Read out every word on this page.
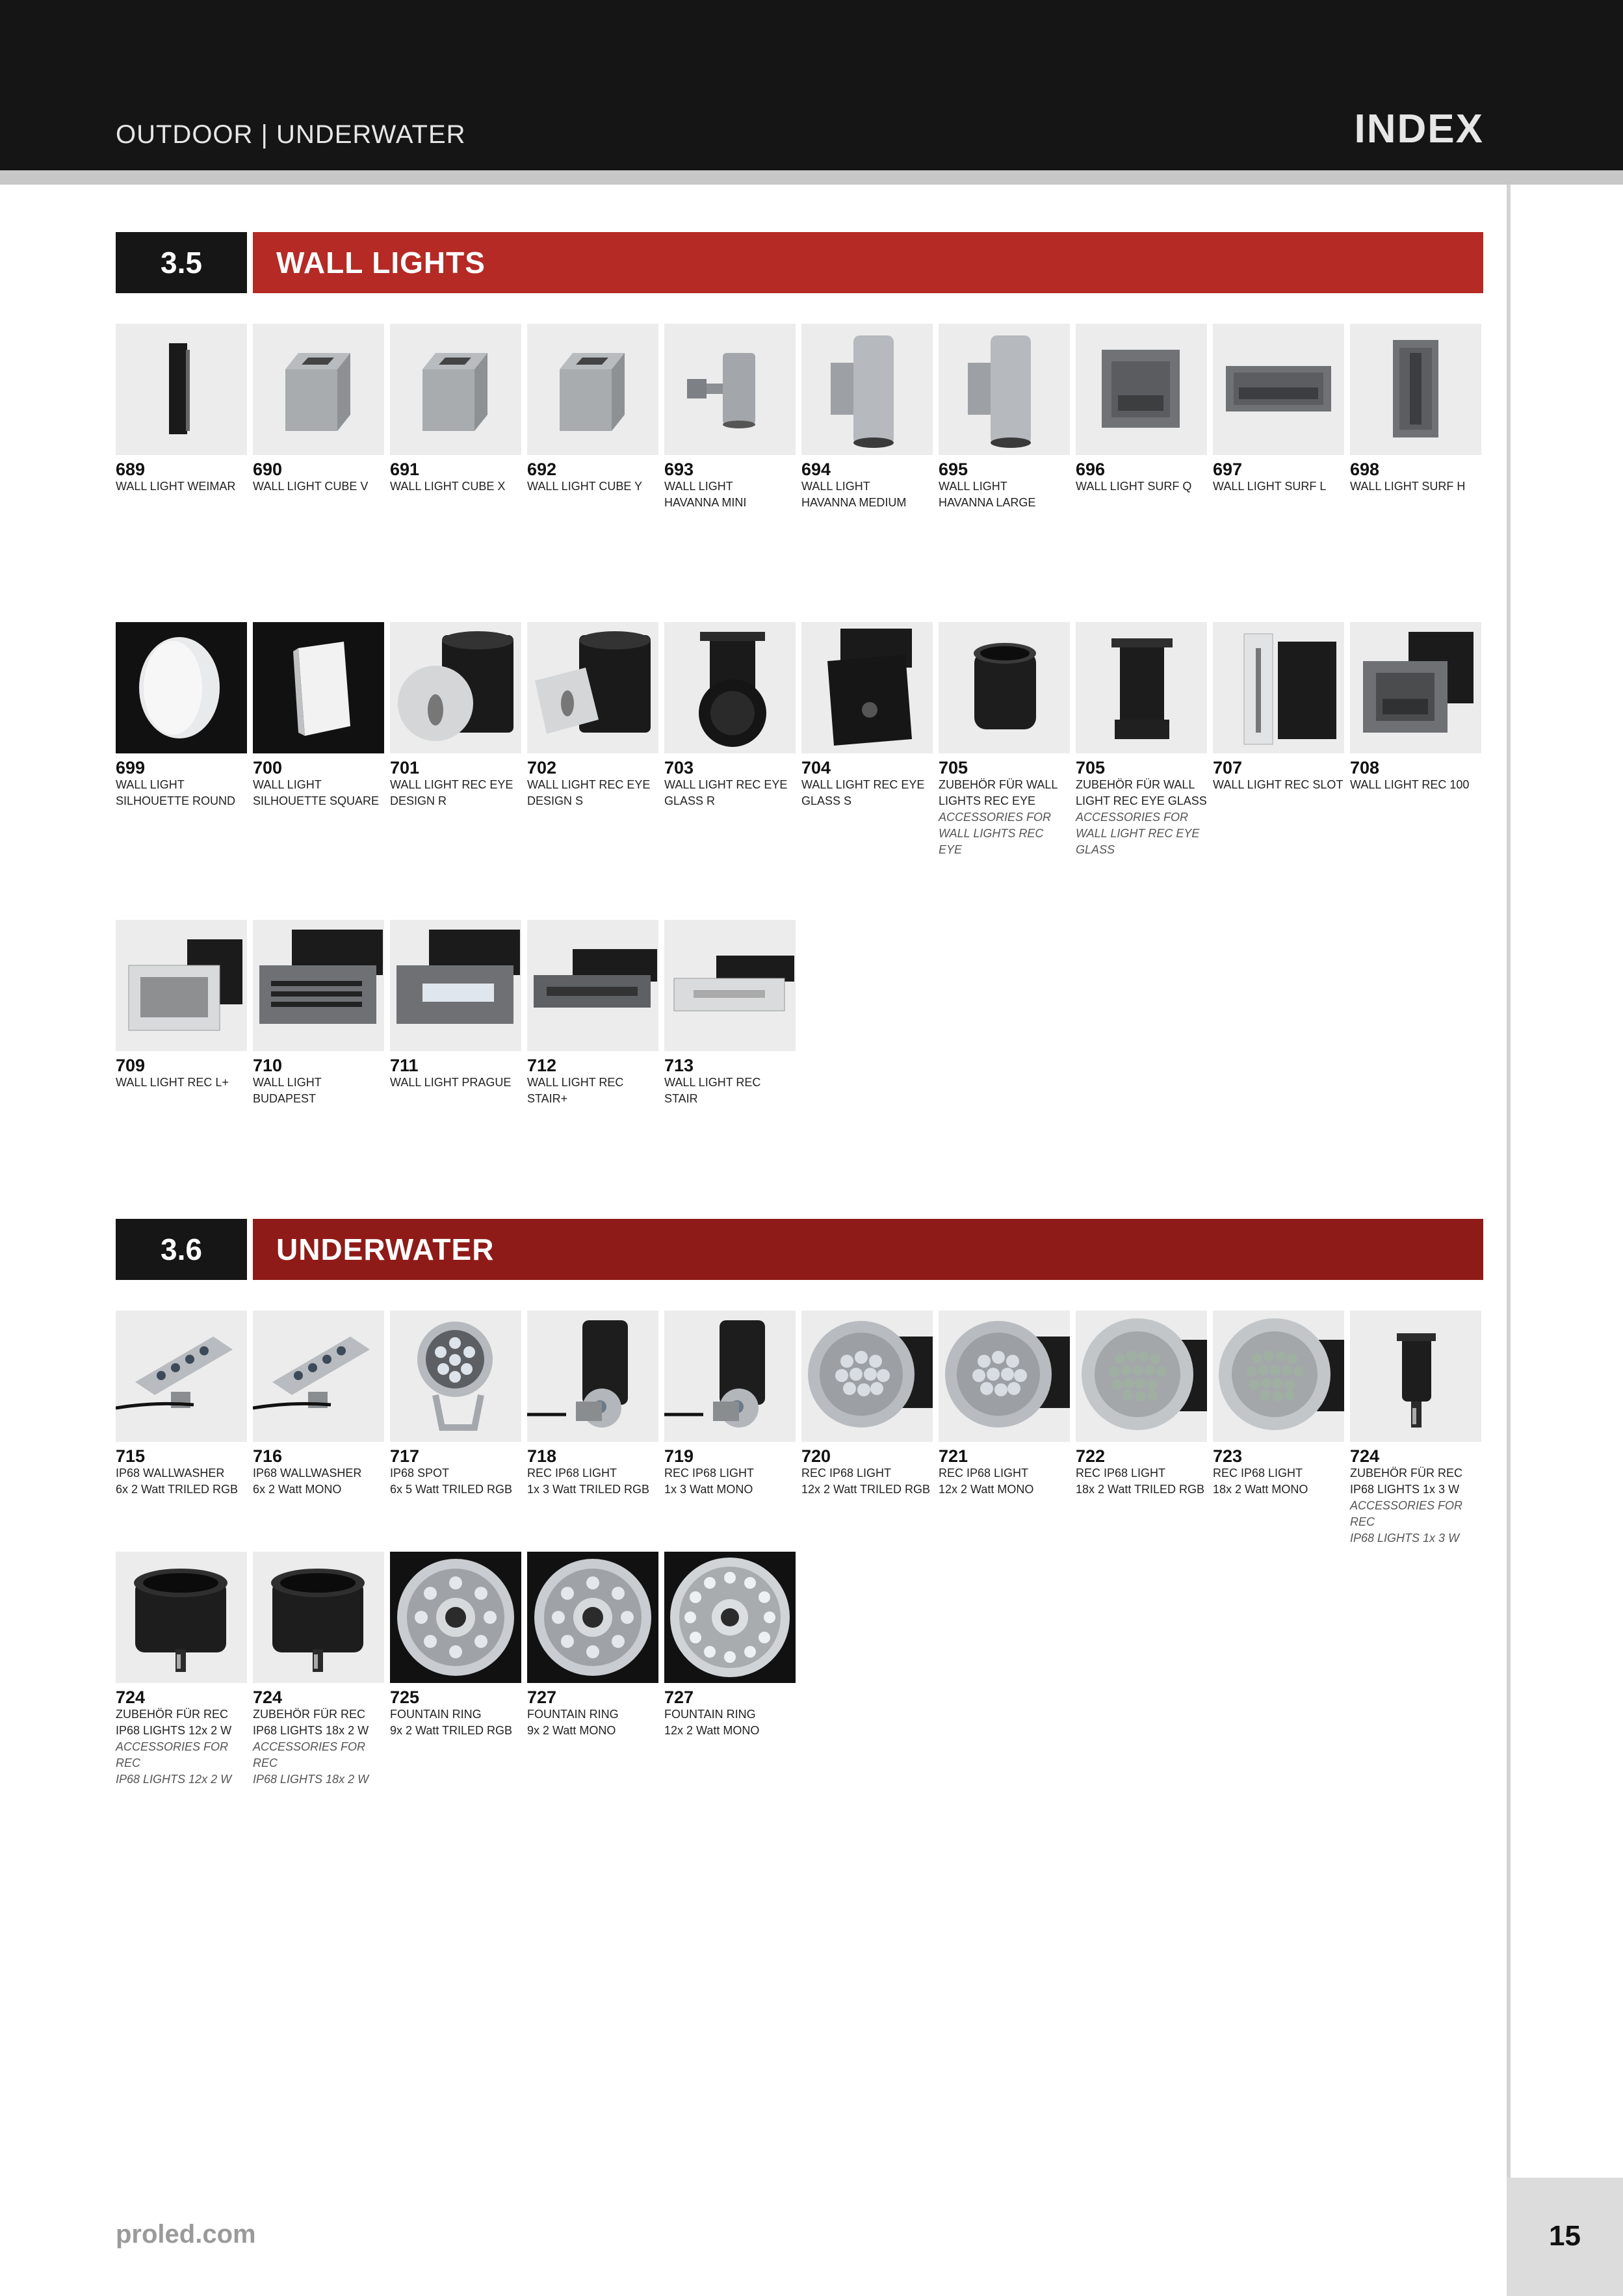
OUTDOOR | UNDERWATER	INDEX
3.5	WALL LIGHTS
3.6	UNDERWATER
689
WALL LIGHT WEIMAR
690
WALL LIGHT CUBE V
691
WALL LIGHT CUBE X
692
WALL LIGHT CUBE Y
693
WALL LIGHT
HAVANNA MINI
694
WALL LIGHT
HAVANNA MEDIUM
695
WALL LIGHT
HAVANNA LARGE
696
WALL LIGHT SURF Q
697
WALL LIGHT SURF L
698
WALL LIGHT SURF H
699
WALL LIGHT
SILHOUETTE ROUND
700
WALL LIGHT
SILHOUETTE SQUARE
701
WALL LIGHT REC EYE
DESIGN R
702
WALL LIGHT REC EYE
DESIGN S
703
WALL LIGHT REC EYE
GLASS R
704
WALL LIGHT REC EYE
GLASS S
705
ZUBEHÖR FÜR WALL
LIGHTS REC EYE
ACCESSORIES FOR
WALL LIGHTS REC EYE
705
ZUBEHÖR FÜR WALL
LIGHT REC EYE GLASS
ACCESSORIES FOR
WALL LIGHT REC EYE
GLASS
707
WALL LIGHT REC SLOT
708
WALL LIGHT REC 100
709
WALL LIGHT REC L+
710
WALL LIGHT BUDAPEST
711
WALL LIGHT PRAGUE
712
WALL LIGHT REC STAIR+
713
WALL LIGHT REC STAIR
715
IP68 WALLWASHER
6x 2 Watt TRILED RGB
716
IP68 WALLWASHER
6x 2 Watt MONO
717
IP68 SPOT
6x 5 Watt TRILED RGB
718
REC IP68 LIGHT
1x 3 Watt TRILED RGB
719
REC IP68 LIGHT
1x 3 Watt MONO
720
REC IP68 LIGHT
12x 2 Watt TRILED RGB
721
REC IP68 LIGHT
12x 2 Watt MONO
722
REC IP68 LIGHT
18x 2 Watt TRILED RGB
723
REC IP68 LIGHT
18x 2 Watt MONO
724
ZUBEHÖR FÜR REC
IP68 LIGHTS 1x 3 W
ACCESSORIES FOR REC
IP68 LIGHTS 1x 3 W
724
ZUBEHÖR FÜR REC
IP68 LIGHTS 12x 2 W
ACCESSORIES FOR REC
IP68 LIGHTS 12x 2 W
724
ZUBEHÖR FÜR REC
IP68 LIGHTS 18x 2 W
ACCESSORIES FOR REC
IP68 LIGHTS 18x 2 W
725
FOUNTAIN RING
9x 2 Watt TRILED RGB
727
FOUNTAIN RING
9x 2 Watt MONO
727
FOUNTAIN RING
12x 2 Watt MONO
proled.com	15
